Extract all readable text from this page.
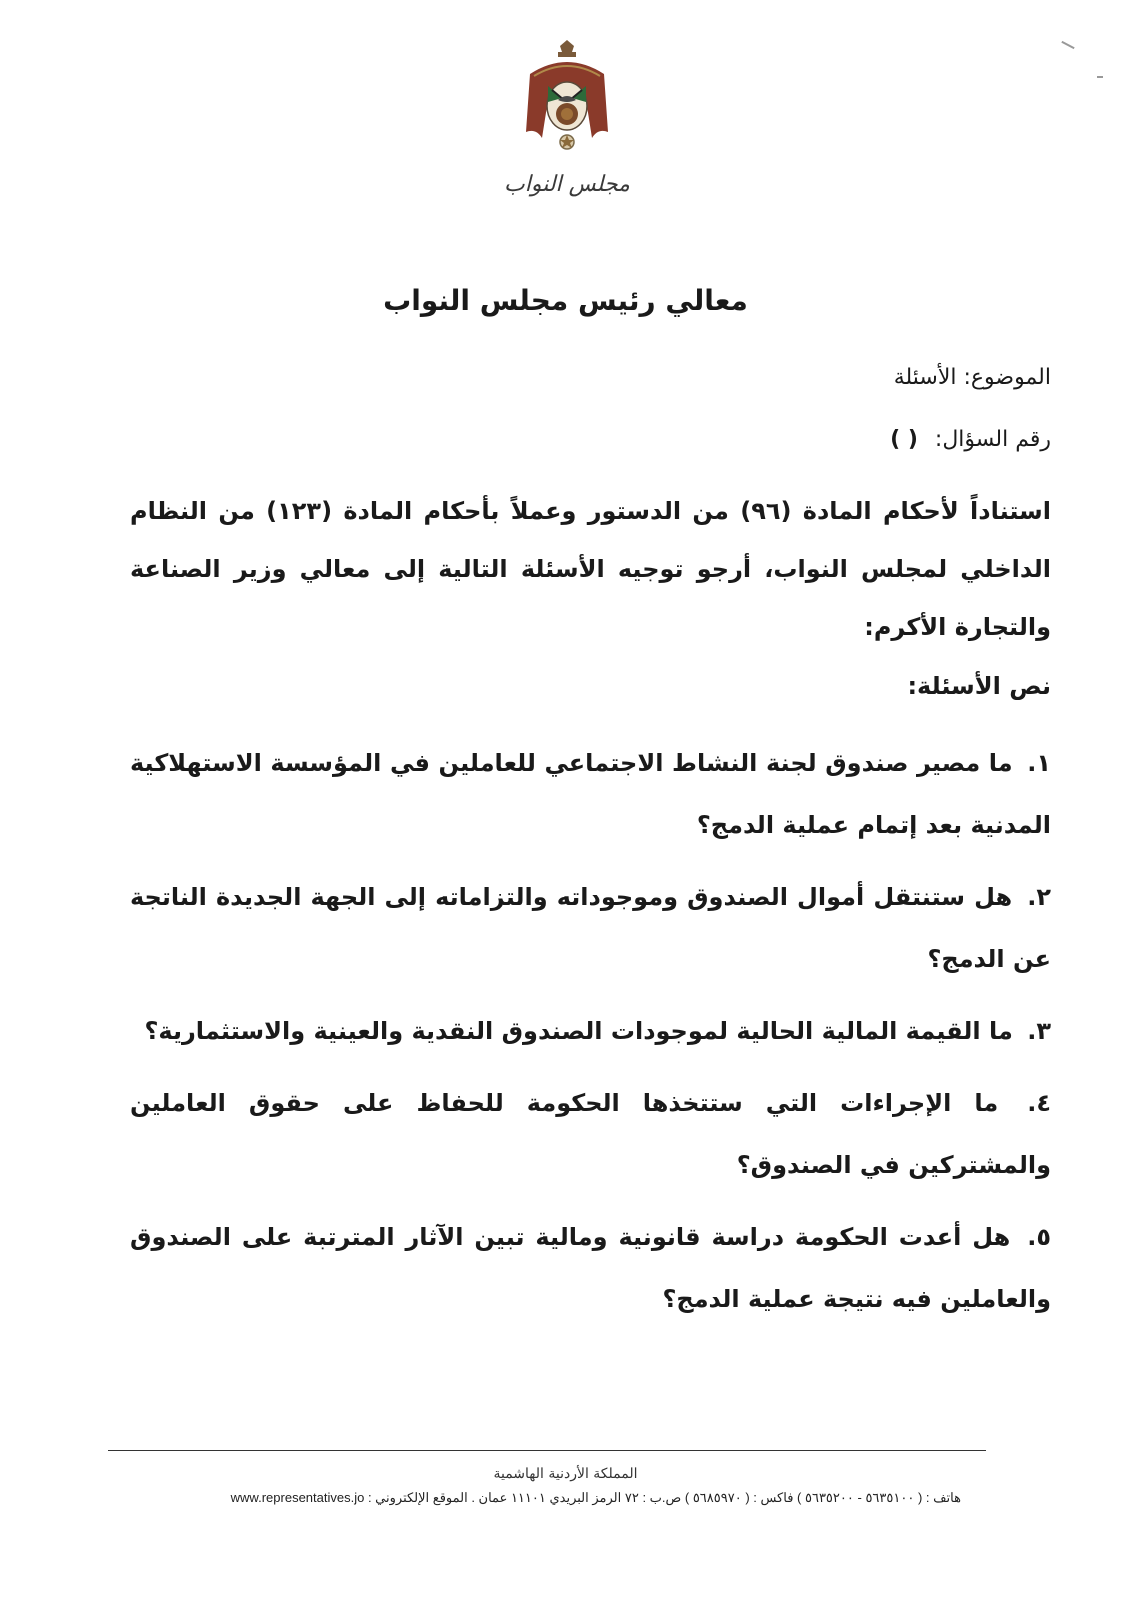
مجلس النواب
معالي رئيس مجلس النواب
الموضوع: الأسئلة
رقم السؤال: ( )
استناداً لأحكام المادة (٩٦) من الدستور وعملاً بأحكام المادة (١٢٣) من النظام الداخلي لمجلس النواب، أرجو توجيه الأسئلة التالية إلى معالي وزير الصناعة والتجارة الأكرم:
نص الأسئلة:
١. ما مصير صندوق لجنة النشاط الاجتماعي للعاملين في المؤسسة الاستهلاكية المدنية بعد إتمام عملية الدمج؟
٢. هل ستنتقل أموال الصندوق وموجوداته والتزاماته إلى الجهة الجديدة الناتجة عن الدمج؟
٣. ما القيمة المالية الحالية لموجودات الصندوق النقدية والعينية والاستثمارية؟
٤. ما الإجراءات التي ستتخذها الحكومة للحفاظ على حقوق العاملين والمشتركين في الصندوق؟
٥. هل أعدت الحكومة دراسة قانونية ومالية تبين الآثار المترتبة على الصندوق والعاملين فيه نتيجة عملية الدمج؟
المملكة الأردنية الهاشمية
هاتف : ( ٥٦٣٥١٠٠ - ٥٦٣٥٢٠٠ ) فاكس : ( ٥٦٨٥٩٧٠ ) ص.ب : ٧٢ الرمز البريدي ١١١٠١ عمان . الموقع الإلكتروني : www.representatives.jo
